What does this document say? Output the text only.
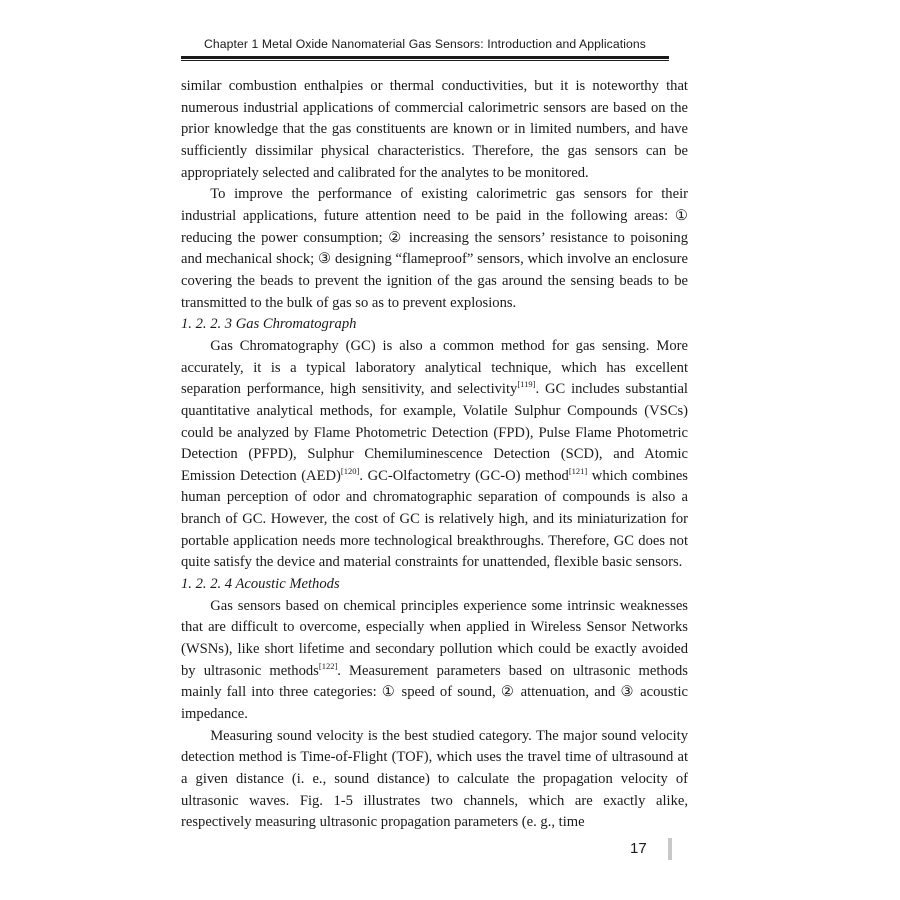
Chapter 1 Metal Oxide Nanomaterial Gas Sensors: Introduction and Applications

similar combustion enthalpies or thermal conductivities, but it is noteworthy that numerous industrial applications of commercial calorimetric sensors are based on the prior knowledge that the gas constituents are known or in limited numbers, and have sufficiently dissimilar physical characteristics. Therefore, the gas sensors can be appropriately selected and calibrated for the analytes to be monitored.

To improve the performance of existing calorimetric gas sensors for their industrial applications, future attention need to be paid in the following areas: ① reducing the power consumption; ② increasing the sensors’ resistance to poisoning and mechanical shock; ③ designing “flameproof” sensors, which involve an enclosure covering the beads to prevent the ignition of the gas around the sensing beads to be transmitted to the bulk of gas so as to prevent explosions.

1. 2. 2. 3 Gas Chromatograph

Gas Chromatography (GC) is also a common method for gas sensing. More accurately, it is a typical laboratory analytical technique, which has excellent separation performance, high sensitivity, and selectivity[119]. GC includes substantial quantitative analytical methods, for example, Volatile Sulphur Compounds (VSCs) could be analyzed by Flame Photometric Detection (FPD), Pulse Flame Photometric Detection (PFPD), Sulphur Chemiluminescence Detection (SCD), and Atomic Emission Detection (AED)[120]. GC-Olfactometry (GC-O) method[121] which combines human perception of odor and chromatographic separation of compounds is also a branch of GC. However, the cost of GC is relatively high, and its miniaturization for portable application needs more technological breakthroughs. Therefore, GC does not quite satisfy the device and material constraints for unattended, flexible basic sensors.

1. 2. 2. 4 Acoustic Methods

Gas sensors based on chemical principles experience some intrinsic weaknesses that are difficult to overcome, especially when applied in Wireless Sensor Networks (WSNs), like short lifetime and secondary pollution which could be exactly avoided by ultrasonic methods[122]. Measurement parameters based on ultrasonic methods mainly fall into three categories: ① speed of sound, ② attenuation, and ③ acoustic impedance.

Measuring sound velocity is the best studied category. The major sound velocity detection method is Time-of-Flight (TOF), which uses the travel time of ultrasound at a given distance (i. e., sound distance) to calculate the propagation velocity of ultrasonic waves. Fig. 1-5 illustrates two channels, which are exactly alike, respectively measuring ultrasonic propagation parameters (e. g., time

17
